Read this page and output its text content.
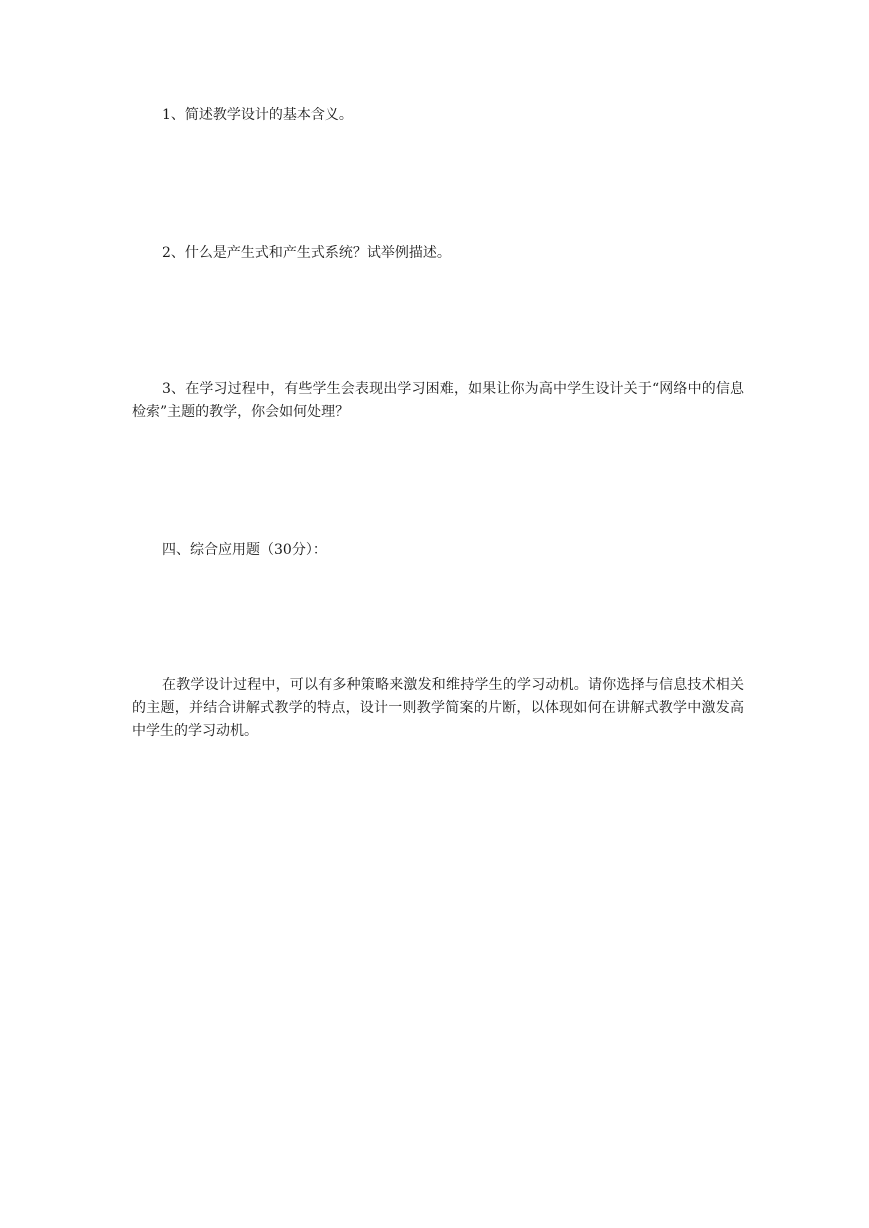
1、简述教学设计的基本含义。

2、什么是产生式和产生式系统？试举例描述。

3、在学习过程中，有些学生会表现出学习困难，如果让你为高中学生设计关于“网络中的信息检索”主题的教学，你会如何处理？

四、综合应用题（30分）：

在教学设计过程中，可以有多种策略来激发和维持学生的学习动机。请你选择与信息技术相关的主题，并结合讲解式教学的特点，设计一则教学简案的片断，以体现如何在讲解式教学中激发高中学生的学习动机。
